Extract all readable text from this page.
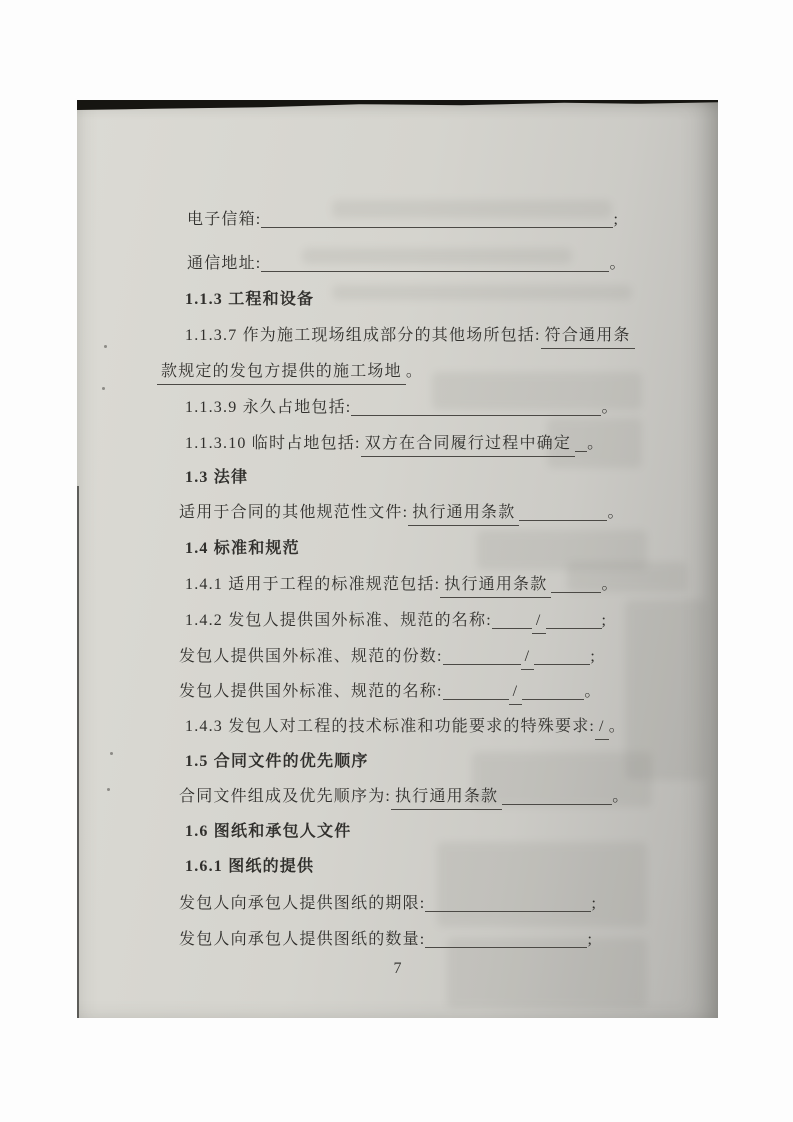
电子信箱:	;
通信地址:	。
1.1.3 工程和设备
1.1.3.7 作为施工现场组成部分的其他场所包括: 符合通用条
款规定的发包方提供的施工场地 。
1.1.3.9 永久占地包括:	。
1.1.3.10 临时占地包括: 双方在合同履行过程中确定 。
1.3 法律
适用于合同的其他规范性文件: 执行通用条款	。
1.4 标准和规范
1.4.1 适用于工程的标准规范包括: 执行通用条款	。
1.4.2 发包人提供国外标准、规范的名称:	/	;
发包人提供国外标准、规范的份数:	/	;
发包人提供国外标准、规范的名称:	/	。
1.4.3 发包人对工程的技术标准和功能要求的特殊要求: / 。
1.5 合同文件的优先顺序
合同文件组成及优先顺序为: 执行通用条款	。
1.6 图纸和承包人文件
1.6.1 图纸的提供
发包人向承包人提供图纸的期限:	;
发包人向承包人提供图纸的数量:	;
7
